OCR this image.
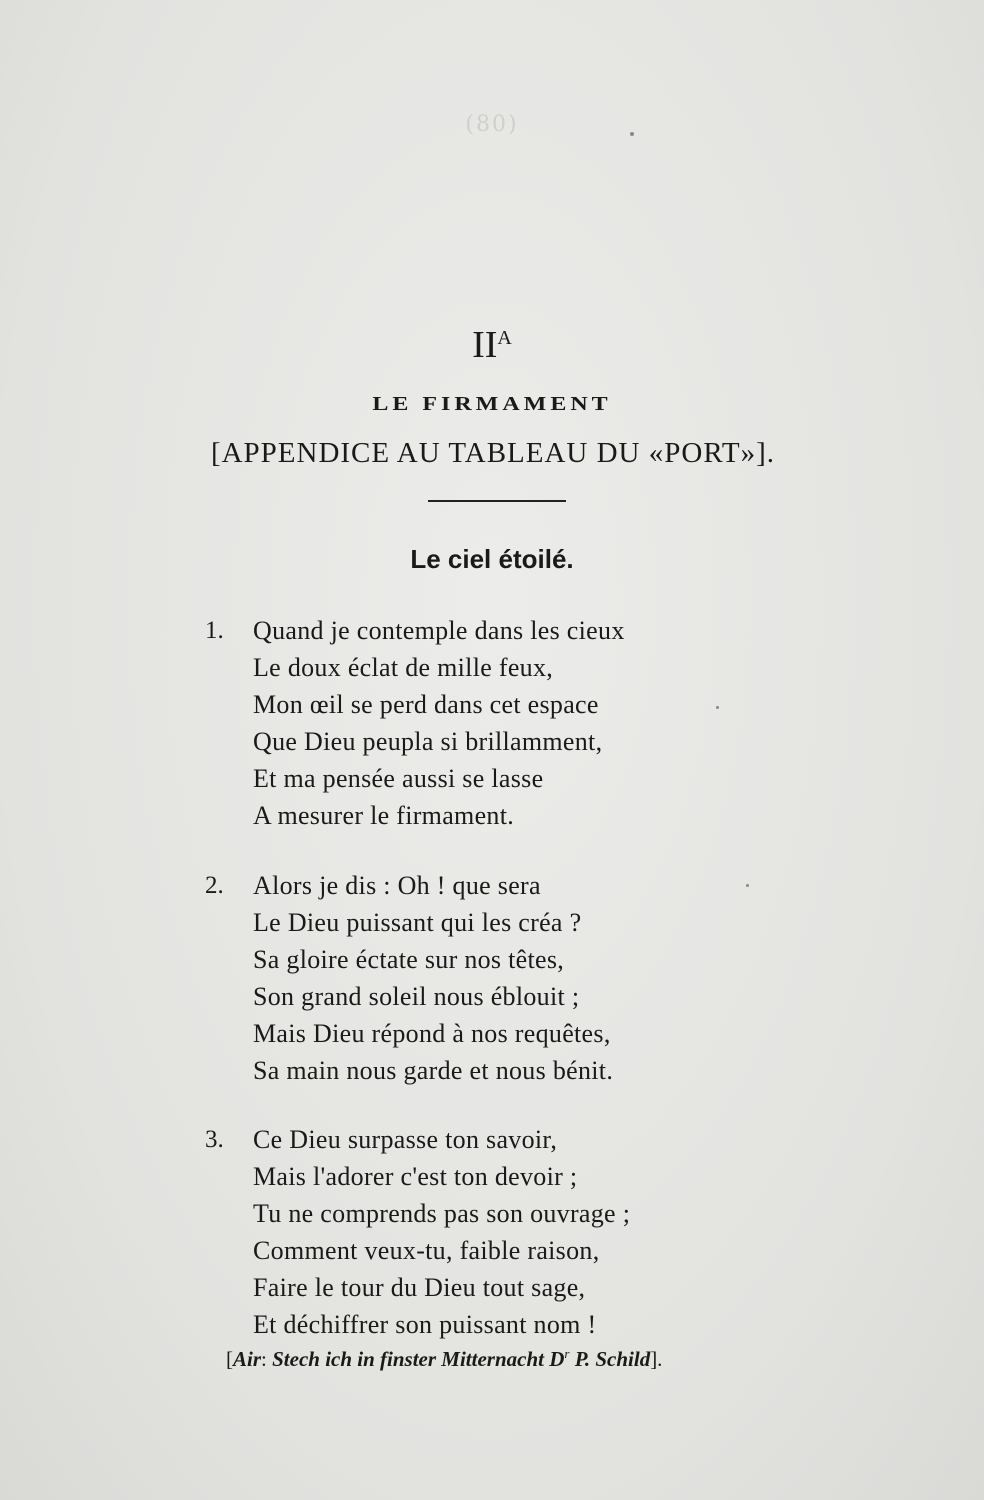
(80)
$II^A$
LE FIRMAMENT
[APPENDICE AU TABLEAU DU «PORT»].
Le ciel étoilé.
1.	Quand je contemple dans les cieux
Le doux éclat de mille feux,
Mon œil se perd dans cet espace
Que Dieu peupla si brillamment,
Et ma pensée aussi se lasse
A mesurer le firmament.
2.	Alors je dis : Oh ! que sera
Le Dieu puissant qui les créa ?
Sa gloire éctate sur nos têtes,
Son grand soleil nous éblouit ;
Mais Dieu répond à nos requêtes,
Sa main nous garde et nous bénit.
3.	Ce Dieu surpasse ton savoir,
Mais l'adorer c'est ton devoir ;
Tu ne comprends pas son ouvrage ;
Comment veux-tu, faible raison,
Faire le tour du Dieu tout sage,
Et déchiffrer son puissant nom !
[Air: Stech ich in finster Mitternacht $D^r$ P. Schild].
